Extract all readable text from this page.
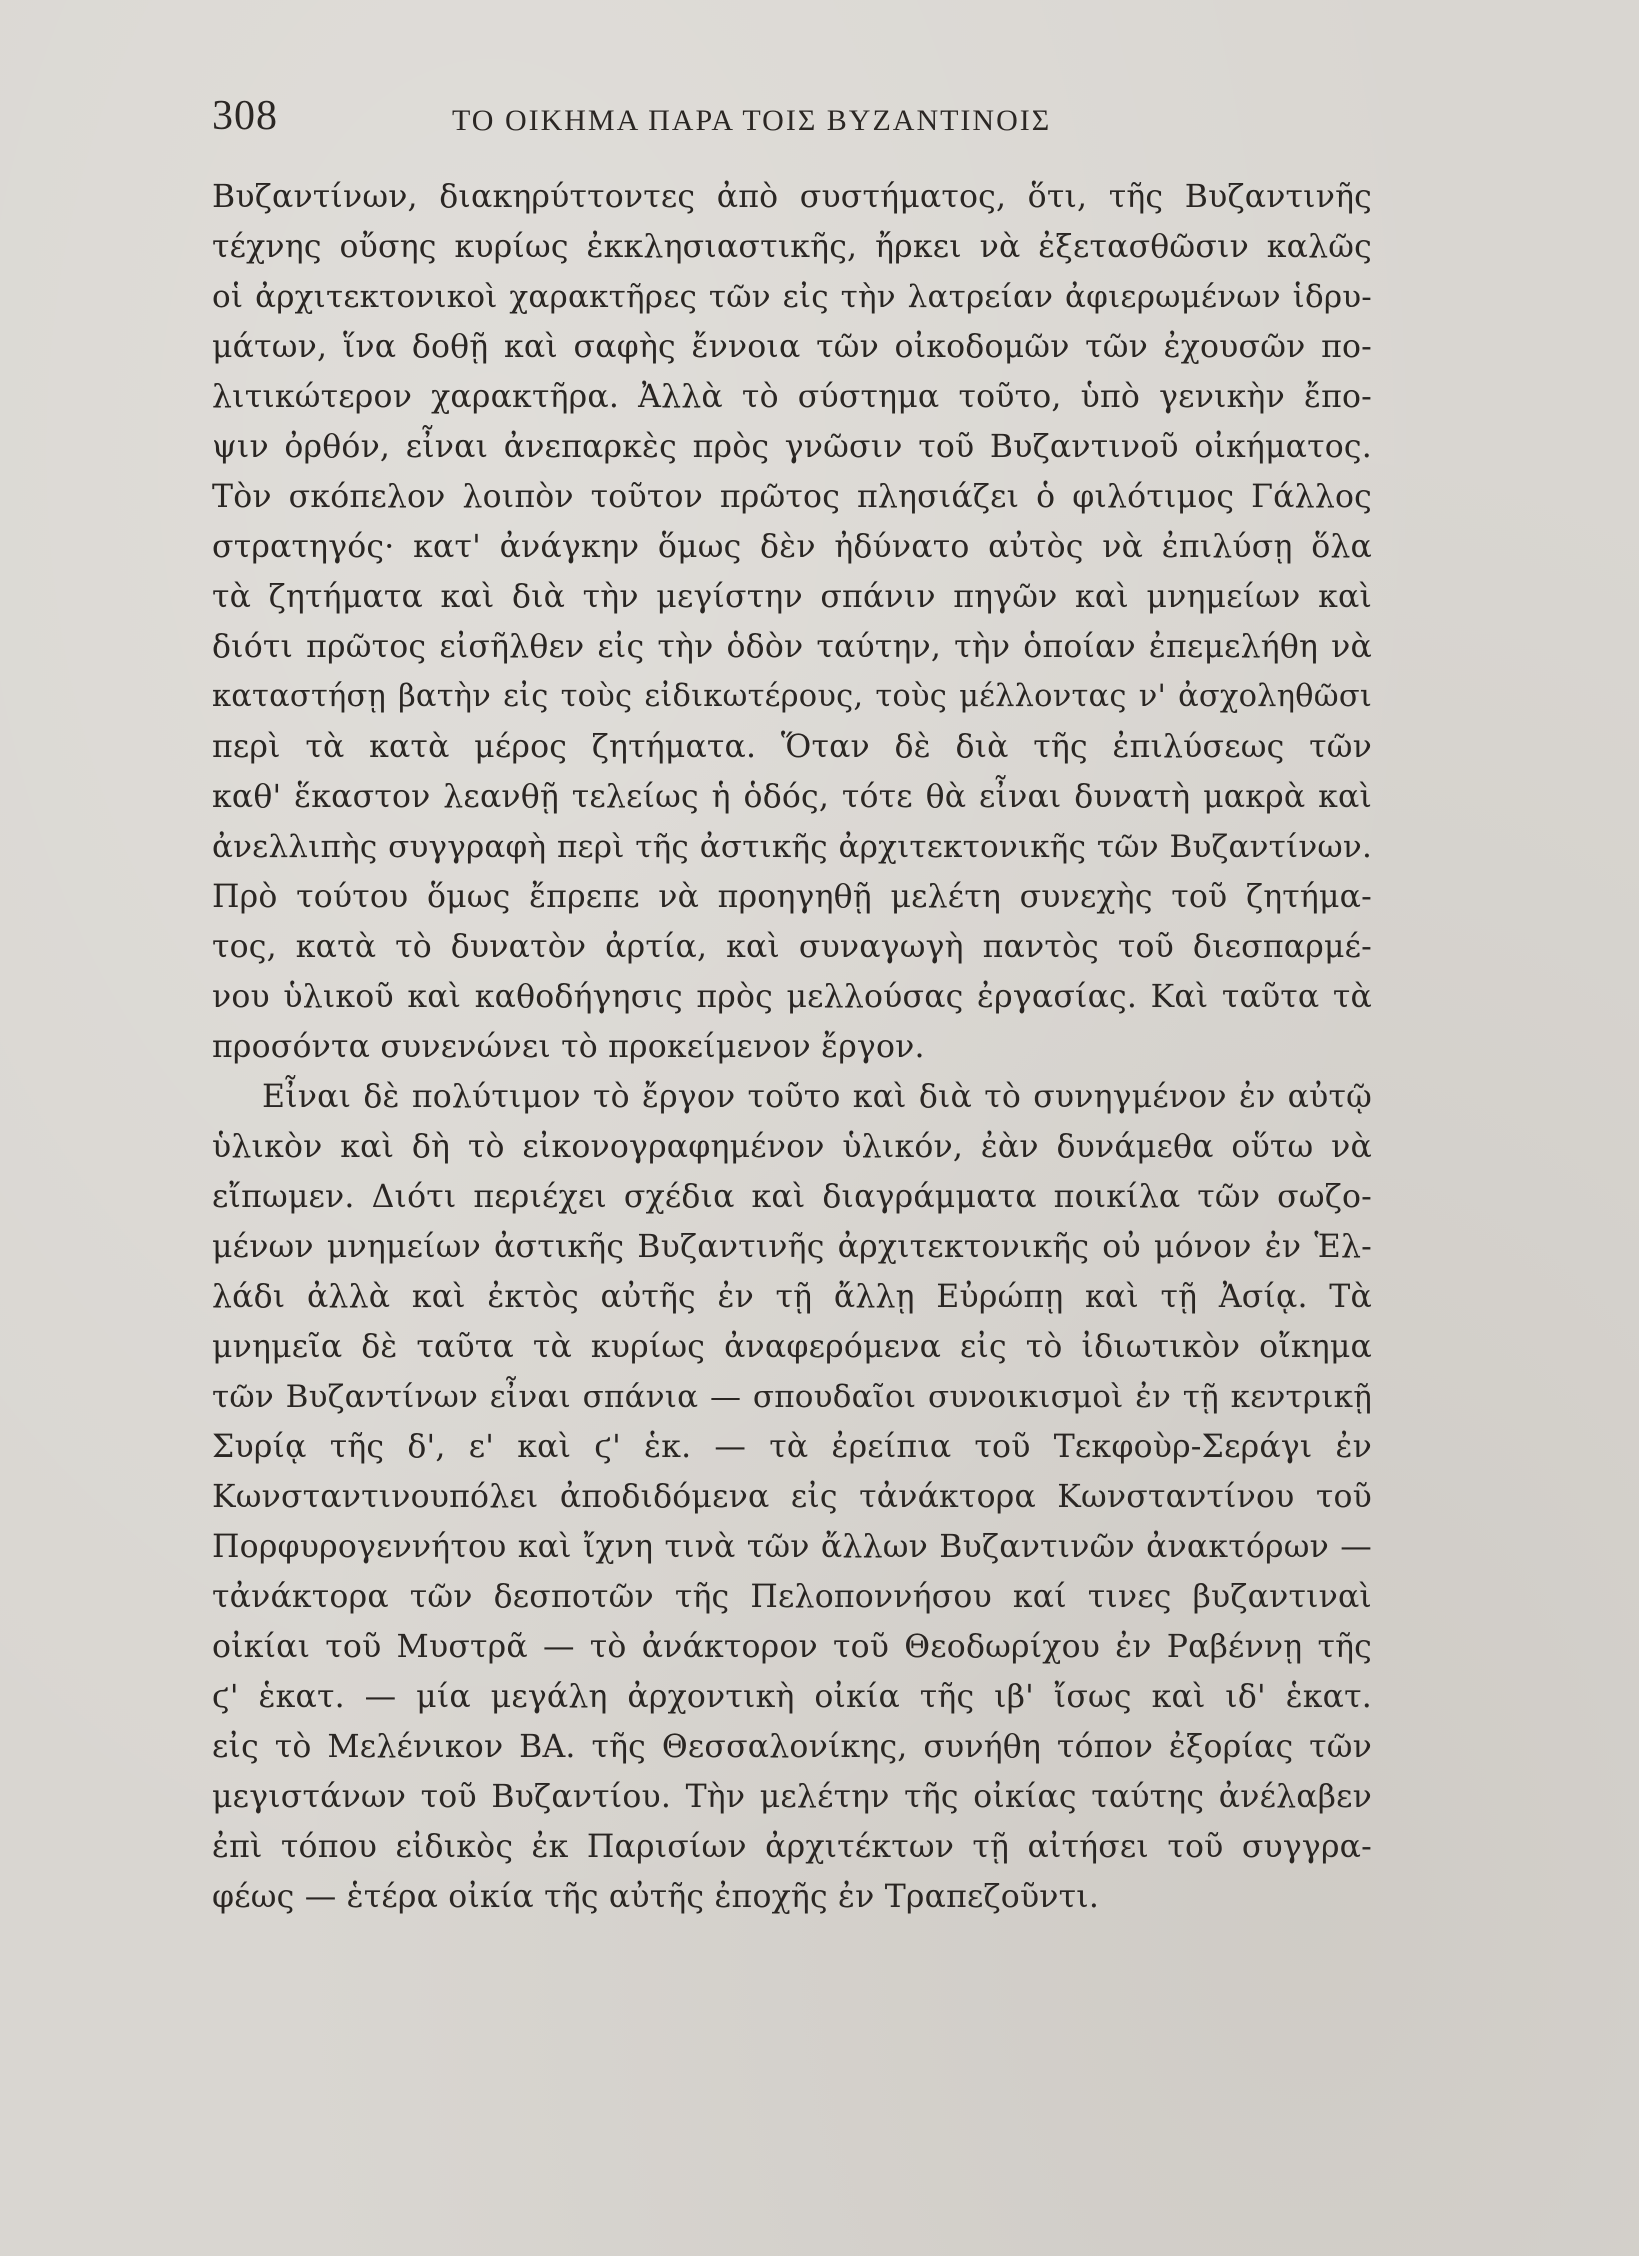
308	ΤΟ ΟΙΚΗΜΑ ΠΑΡΑ ΤΟΙΣ ΒΥΖΑΝΤΙΝΟΙΣ
Βυζαντίνων, διακηρύττοντες ἀπὸ συστήματος, ὅτι, τῆς Βυζαντινῆς
τέχνης οὔσης κυρίως ἐκκλησιαστικῆς, ἤρκει νὰ ἐξετασθῶσιν καλῶς
οἱ ἀρχιτεκτονικοὶ χαρακτῆρες τῶν εἰς τὴν λατρείαν ἀφιερωμένων ἱδρυ-
μάτων, ἵνα δοθῇ καὶ σαφὴς ἔννοια τῶν οἰκοδομῶν τῶν ἐχουσῶν πο-
λιτικώτερον χαρακτῆρα. Ἀλλὰ τὸ σύστημα τοῦτο, ὑπὸ γενικὴν ἔπο-
ψιν ὀρθόν, εἶναι ἀνεπαρκὲς πρὸς γνῶσιν τοῦ Βυζαντινοῦ οἰκήματος.
Τὸν σκόπελον λοιπὸν τοῦτον πρῶτος πλησιάζει ὁ φιλότιμος Γάλλος
στρατηγός· κατ' ἀνάγκην ὅμως δὲν ἠδύνατο αὐτὸς νὰ ἐπιλύσῃ ὅλα
τὰ ζητήματα καὶ διὰ τὴν μεγίστην σπάνιν πηγῶν καὶ μνημείων καὶ
διότι πρῶτος εἰσῆλθεν εἰς τὴν ὁδὸν ταύτην, τὴν ὁποίαν ἐπεμελήθη νὰ
καταστήσῃ βατὴν εἰς τοὺς εἰδικωτέρους, τοὺς μέλλοντας ν' ἀσχοληθῶσι
περὶ τὰ κατὰ μέρος ζητήματα. Ὅταν δὲ διὰ τῆς ἐπιλύσεως τῶν
καθ' ἕκαστον λεανθῇ τελείως ἡ ὁδός, τότε θὰ εἶναι δυνατὴ μακρὰ καὶ
ἀνελλιπὴς συγγραφὴ περὶ τῆς ἀστικῆς ἀρχιτεκτονικῆς τῶν Βυζαντίνων.
Πρὸ τούτου ὅμως ἔπρεπε νὰ προηγηθῇ μελέτη συνεχὴς τοῦ ζητήμα-
τος, κατὰ τὸ δυνατὸν ἀρτία, καὶ συναγωγὴ παντὸς τοῦ διεσπαρμέ-
νου ὑλικοῦ καὶ καθοδήγησις πρὸς μελλούσας ἐργασίας. Καὶ ταῦτα τὰ
προσόντα συνενώνει τὸ προκείμενον ἔργον.
Εἶναι δὲ πολύτιμον τὸ ἔργον τοῦτο καὶ διὰ τὸ συνηγμένον ἐν αὐτῷ
ὑλικὸν καὶ δὴ τὸ εἰκονογραφημένον ὑλικόν, ἐὰν δυνάμεθα οὕτω νὰ
εἴπωμεν. Διότι περιέχει σχέδια καὶ διαγράμματα ποικίλα τῶν σωζο-
μένων μνημείων ἀστικῆς Βυζαντινῆς ἀρχιτεκτονικῆς οὐ μόνον ἐν Ἑλ-
λάδι ἀλλὰ καὶ ἐκτὸς αὐτῆς ἐν τῇ ἄλλῃ Εὐρώπῃ καὶ τῇ Ἀσίᾳ. Τὰ
μνημεῖα δὲ ταῦτα τὰ κυρίως ἀναφερόμενα εἰς τὸ ἰδιωτικὸν οἴκημα
τῶν Βυζαντίνων εἶναι σπάνια — σπουδαῖοι συνοικισμοὶ ἐν τῇ κεντρικῇ
Συρίᾳ τῆς δ', ε' καὶ ϛ' ἑκ. — τὰ ἐρείπια τοῦ Τεκφοὺρ-Σεράγι ἐν
Κωνσταντινουπόλει ἀποδιδόμενα εἰς τἀνάκτορα Κωνσταντίνου τοῦ
Πορφυρογεννήτου καὶ ἴχνη τινὰ τῶν ἄλλων Βυζαντινῶν ἀνακτόρων —
τἀνάκτορα τῶν δεσποτῶν τῆς Πελοποννήσου καί τινες βυζαντιναὶ
οἰκίαι τοῦ Μυστρᾶ — τὸ ἀνάκτορον τοῦ Θεοδωρίχου ἐν Ραβέννῃ τῆς
ϛ' ἑκατ. — μία μεγάλη ἀρχοντικὴ οἰκία τῆς ιβ' ἴσως καὶ ιδ' ἑκατ.
εἰς τὸ Μελένικον ΒΑ. τῆς Θεσσαλονίκης, συνήθη τόπον ἐξορίας τῶν
μεγιστάνων τοῦ Βυζαντίου. Τὴν μελέτην τῆς οἰκίας ταύτης ἀνέλαβεν
ἐπὶ τόπου εἰδικὸς ἐκ Παρισίων ἀρχιτέκτων τῇ αἰτήσει τοῦ συγγρα-
φέως — ἑτέρα οἰκία τῆς αὐτῆς ἐποχῆς ἐν Τραπεζοῦντι.
